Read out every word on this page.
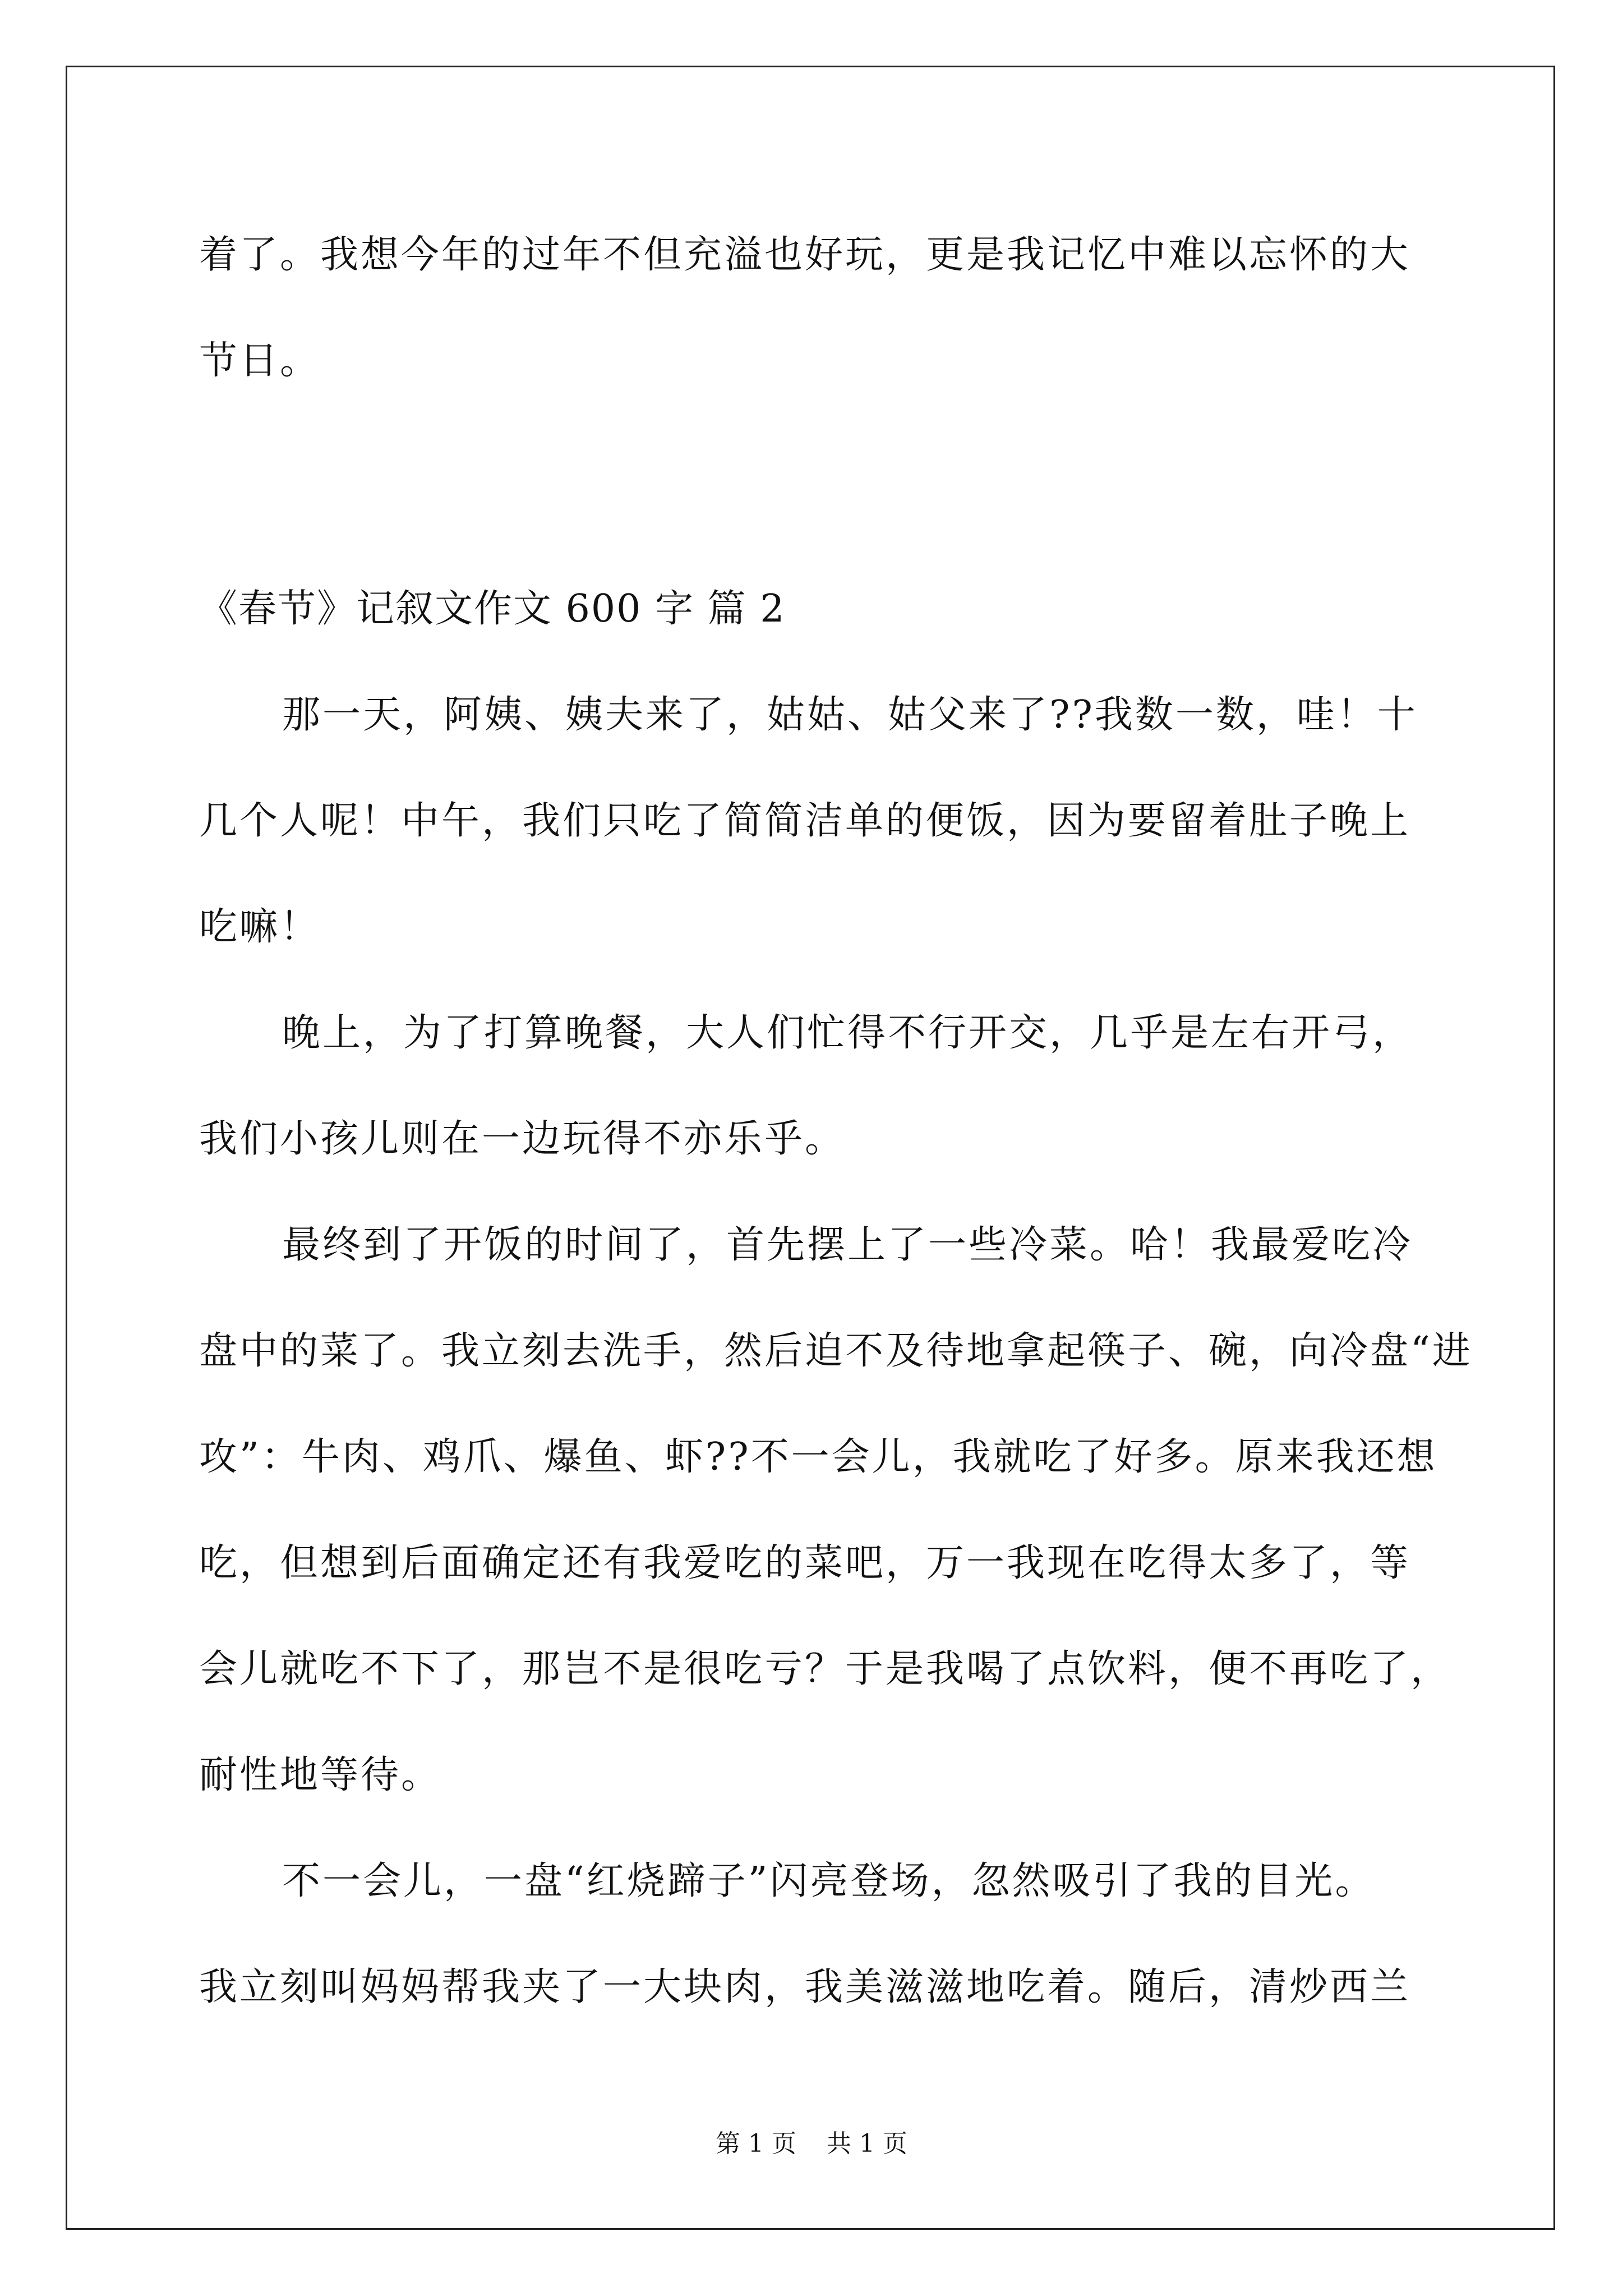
着了。我想今年的过年不但充溢也好玩，更是我记忆中难以忘怀的大
节日。
《春节》记叙文作文 600 字 篇 2
那一天，阿姨、姨夫来了，姑姑、姑父来了??我数一数，哇！十
几个人呢！中午，我们只吃了简简洁单的便饭，因为要留着肚子晚上
吃嘛！
晚上，为了打算晚餐，大人们忙得不行开交，几乎是左右开弓，
我们小孩儿则在一边玩得不亦乐乎。
最终到了开饭的时间了，首先摆上了一些冷菜。哈！我最爱吃冷
盘中的菜了。我立刻去洗手，然后迫不及待地拿起筷子、碗，向冷盘“进
攻”：牛肉、鸡爪、爆鱼、虾??不一会儿，我就吃了好多。原来我还想
吃，但想到后面确定还有我爱吃的菜吧，万一我现在吃得太多了，等
会儿就吃不下了，那岂不是很吃亏？于是我喝了点饮料，便不再吃了，
耐性地等待。
不一会儿，一盘“红烧蹄子”闪亮登场，忽然吸引了我的目光。
我立刻叫妈妈帮我夹了一大块肉，我美滋滋地吃着。随后，清炒西兰
第 1 页 共 1 页
